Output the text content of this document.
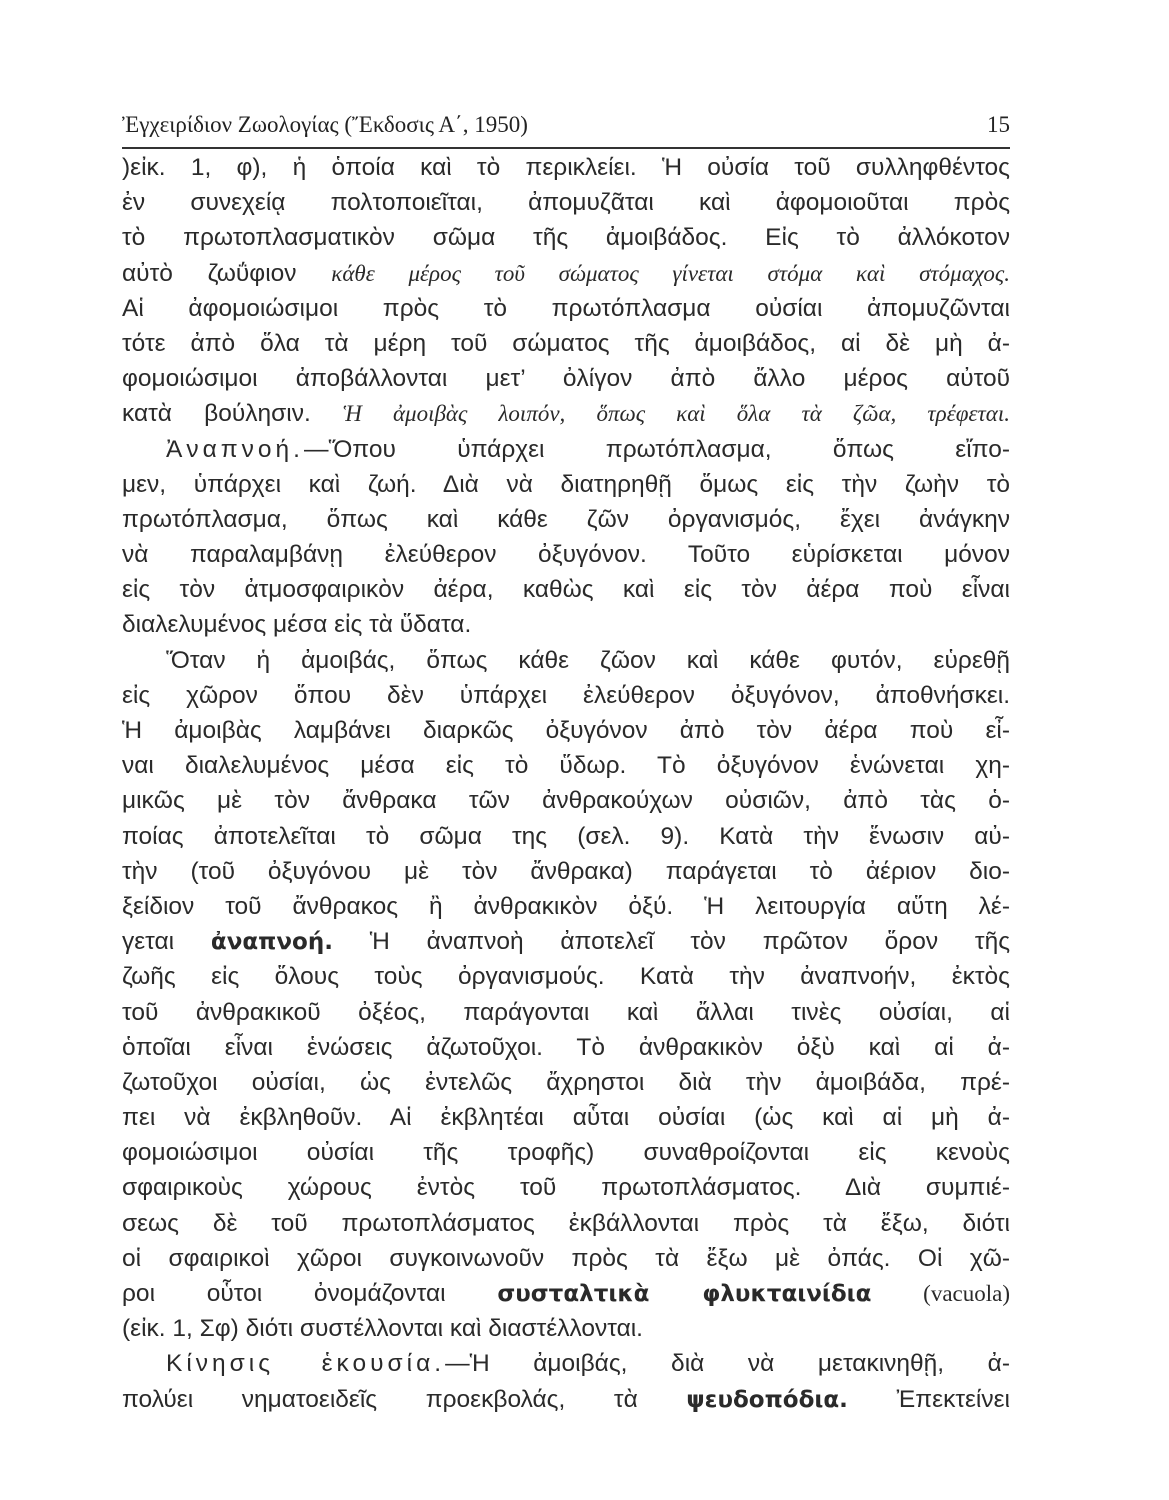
Ἐγχειρίδιον Ζωολογίας (Ἔκδοσις Α΄, 1950)	15
)εἰκ. 1, φ), ἡ ὁποία καὶ τὸ περικλείει. Ἡ οὐσία τοῦ συλληφθέντος
ἐν συνεχείᾳ πολτοποιεῖται, ἀπομυζᾶται καὶ ἀφομοιοῦται πρὸς
τὸ πρωτοπλασματικὸν σῶμα τῆς ἀμοιβάδος. Εἰς τὸ ἀλλόκοτον
αὐτὸ ζωΰφιον κάθε μέρος τοῦ σώματος γίνεται στόμα καὶ στόμαχος.
Αἱ ἀφομοιώσιμοι πρὸς τὸ πρωτόπλασμα οὐσίαι ἀπομυζῶνται
τότε ἀπὸ ὅλα τὰ μέρη τοῦ σώματος τῆς ἀμοιβάδος, αἱ δὲ μὴ ἀ-
φομοιώσιμοι ἀποβάλλονται μετ’ ὀλίγον ἀπὸ ἄλλο μέρος αὐτοῦ
κατὰ βούλησιν. Ἡ ἀμοιβὰς λοιπόν, ὅπως καὶ ὅλα τὰ ζῶα, τρέφεται.
Ἀναπνοή.—Ὅπου ὑπάρχει πρωτόπλασμα, ὅπως εἴπο-
μεν, ὑπάρχει καὶ ζωή. Διὰ νὰ διατηρηθῇ ὅμως εἰς τὴν ζωὴν τὸ
πρωτόπλασμα, ὅπως καὶ κάθε ζῶν ὀργανισμός, ἔχει ἀνάγκην
νὰ παραλαμβάνῃ ἐλεύθερον ὀξυγόνον. Τοῦτο εὑρίσκεται μόνον
εἰς τὸν ἀτμοσφαιρικὸν ἀέρα, καθὼς καὶ εἰς τὸν ἀέρα ποὺ εἶναι
διαλελυμένος μέσα εἰς τὰ ὕδατα.
Ὅταν ἡ ἀμοιβάς, ὅπως κάθε ζῶον καὶ κάθε φυτόν, εὑρεθῇ
εἰς χῶρον ὅπου δὲν ὑπάρχει ἐλεύθερον ὀξυγόνον, ἀποθνήσκει.
Ἡ ἀμοιβὰς λαμβάνει διαρκῶς ὀξυγόνον ἀπὸ τὸν ἀέρα ποὺ εἶ-
ναι διαλελυμένος μέσα εἰς τὸ ὕδωρ. Τὸ ὀξυγόνον ἑνώνεται χη-
μικῶς μὲ τὸν ἄνθρακα τῶν ἀνθρακούχων οὐσιῶν, ἀπὸ τὰς ὁ-
ποίας ἀποτελεῖται τὸ σῶμα της (σελ. 9). Κατὰ τὴν ἕνωσιν αὐ-
τὴν (τοῦ ὀξυγόνου μὲ τὸν ἄνθρακα) παράγεται τὸ ἀέριον διο-
ξείδιον τοῦ ἄνθρακος ἢ ἀνθρακικὸν ὀξύ. Ἡ λειτουργία αὕτη λέ-
γεται ἀναπνοή. Ἡ ἀναπνοὴ ἀποτελεῖ τὸν πρῶτον ὅρον τῆς
ζωῆς εἰς ὅλους τοὺς ὀργανισμούς. Κατὰ τὴν ἀναπνοήν, ἐκτὸς
τοῦ ἀνθρακικοῦ ὀξέος, παράγονται καὶ ἄλλαι τινὲς οὐσίαι, αἱ
ὁποῖαι εἶναι ἑνώσεις ἀζωτοῦχοι. Τὸ ἀνθρακικὸν ὀξὺ καὶ αἱ ἀ-
ζωτοῦχοι οὐσίαι, ὡς ἐντελῶς ἄχρηστοι διὰ τὴν ἀμοιβάδα, πρέ-
πει νὰ ἐκβληθοῦν. Αἱ ἐκβλητέαι αὗται οὐσίαι (ὡς καὶ αἱ μὴ ἀ-
φομοιώσιμοι οὐσίαι τῆς τροφῆς) συναθροίζονται εἰς κενοὺς
σφαιρικοὺς χώρους ἐντὸς τοῦ πρωτοπλάσματος. Διὰ συμπιέ-
σεως δὲ τοῦ πρωτοπλάσματος ἐκβάλλονται πρὸς τὰ ἔξω, διότι
οἱ σφαιρικοὶ χῶροι συγκοινωνοῦν πρὸς τὰ ἔξω μὲ ὀπάς. Οἱ χῶ-
ροι οὗτοι ὀνομάζονται συσταλτικὰ φλυκταινίδια (vacuola)
(εἰκ. 1, Σφ) διότι συστέλλονται καὶ διαστέλλονται.
Κίνησις ἑκουσία.—Ἡ ἀμοιβάς, διὰ νὰ μετακινηθῇ, ἀ-
πολύει νηματοειδεῖς προεκβολάς, τὰ ψευδοπόδια. Ἐπεκτείνει
